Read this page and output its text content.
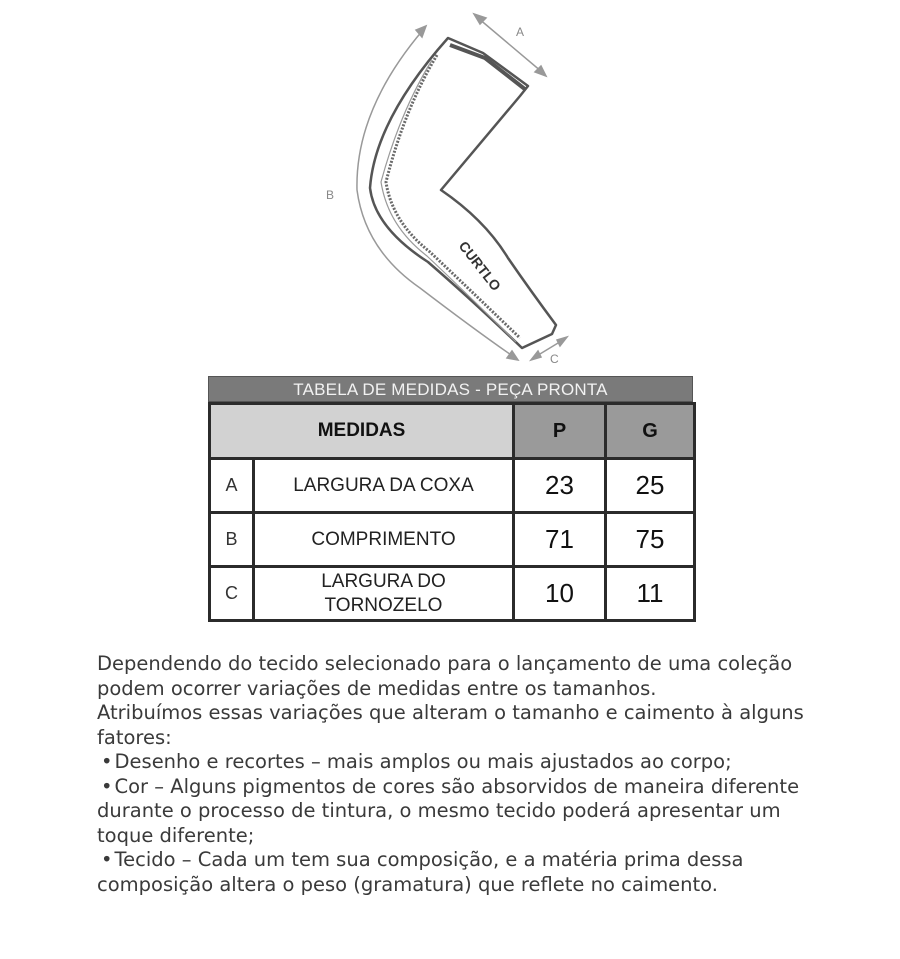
CURTLO
A
B
C
TABELA DE MEDIDAS - PEÇA PRONTA
MEDIDAS		P	G
A	LARGURA DA COXA	23	25
B	COMPRIMENTO	71	75
C	LARGURA DO
TORNOZELO	10	11

Dependendo do tecido selecionado para o lançamento de uma coleção

podem ocorrer variações de medidas entre os tamanhos.

Atribuímos essas variações que alteram o tamanho e caimento à alguns

fatores:

• Desenho e recortes – mais amplos ou mais ajustados ao corpo;

• Cor – Alguns pigmentos de cores são absorvidos de maneira diferente

durante o processo de tintura, o mesmo tecido poderá apresentar um

toque diferente;

• Tecido – Cada um tem sua composição, e a matéria prima dessa

composição altera o peso (gramatura) que reflete no caimento.
